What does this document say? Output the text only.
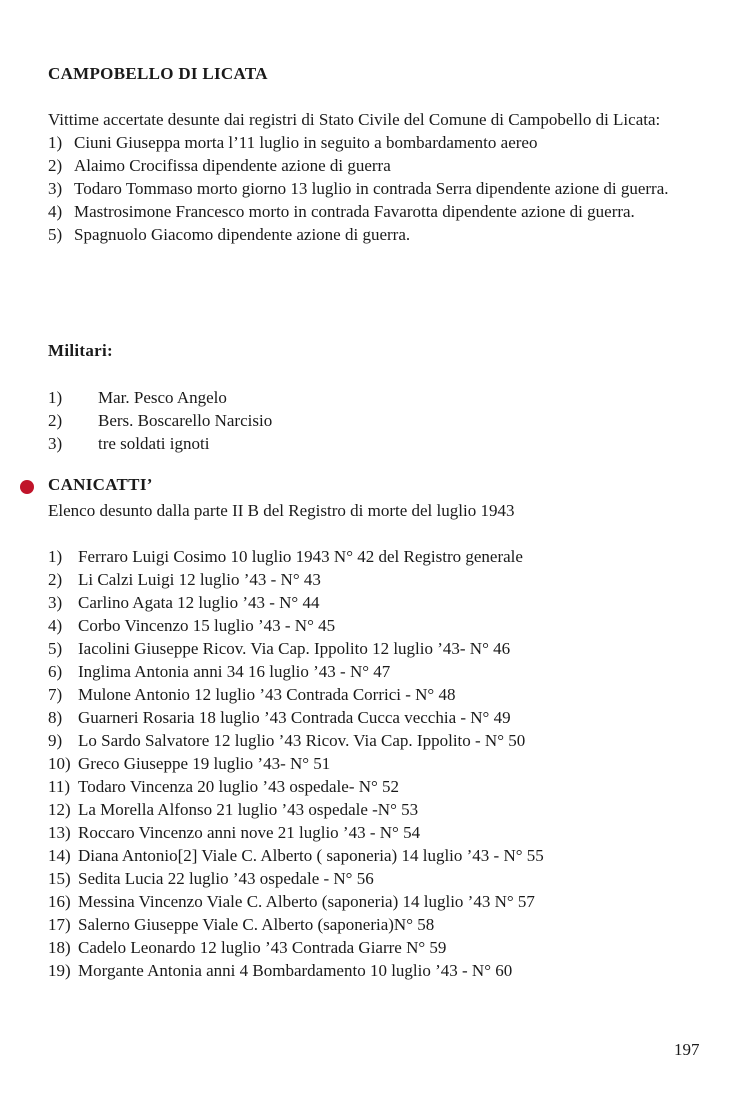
CAMPOBELLO DI LICATA

Vittime accertate desunte dai registri di Stato Civile del Comune di Campobello di Licata:

1) Ciuni Giuseppa morta l’11 luglio in seguito a bombardamento aereo
2) Alaimo Crocifissa dipendente azione di guerra
3) Todaro Tommaso morto giorno 13 luglio in contrada Serra dipendente azione di guerra.
4) Mastrosimone Francesco morto in contrada Favarotta dipendente azione di guerra.
5) Spagnuolo Giacomo dipendente azione di guerra.
Militari:
1) Mar. Pesco Angelo
2) Bers. Boscarello Narcisio
3) tre soldati ignoti
CANICATTI’
Elenco desunto dalla parte II B del Registro di morte del luglio 1943
1) Ferraro Luigi Cosimo 10 luglio 1943 N° 42 del Registro generale
2) Li Calzi Luigi 12 luglio ’43 - N° 43
3) Carlino Agata 12 luglio ’43 - N° 44
4) Corbo Vincenzo 15 luglio ’43 - N° 45
5) Iacolini Giuseppe Ricov. Via Cap. Ippolito 12 luglio ’43- N° 46
6) Inglima Antonia anni 34 16 luglio ’43 - N° 47
7) Mulone Antonio 12 luglio ’43 Contrada Corrici - N° 48
8) Guarneri Rosaria 18 luglio ’43 Contrada Cucca vecchia - N° 49
9) Lo Sardo Salvatore 12 luglio ’43 Ricov. Via Cap. Ippolito - N° 50
10) Greco Giuseppe 19 luglio ’43- N° 51
11) Todaro Vincenza 20 luglio ’43 ospedale- N° 52
12) La Morella Alfonso 21 luglio ’43 ospedale -N° 53
13) Roccaro Vincenzo anni nove 21 luglio ’43 - N° 54
14) Diana Antonio[2] Viale C. Alberto ( saponeria) 14 luglio ’43 - N° 55
15) Sedita Lucia 22 luglio ’43 ospedale - N° 56
16) Messina Vincenzo Viale C. Alberto (saponeria) 14 luglio ’43 N° 57
17) Salerno Giuseppe Viale C. Alberto (saponeria)N° 58
18) Cadelo Leonardo 12 luglio ’43 Contrada Giarre N° 59
19) Morgante Antonia anni 4 Bombardamento 10 luglio ’43 - N° 60
197
